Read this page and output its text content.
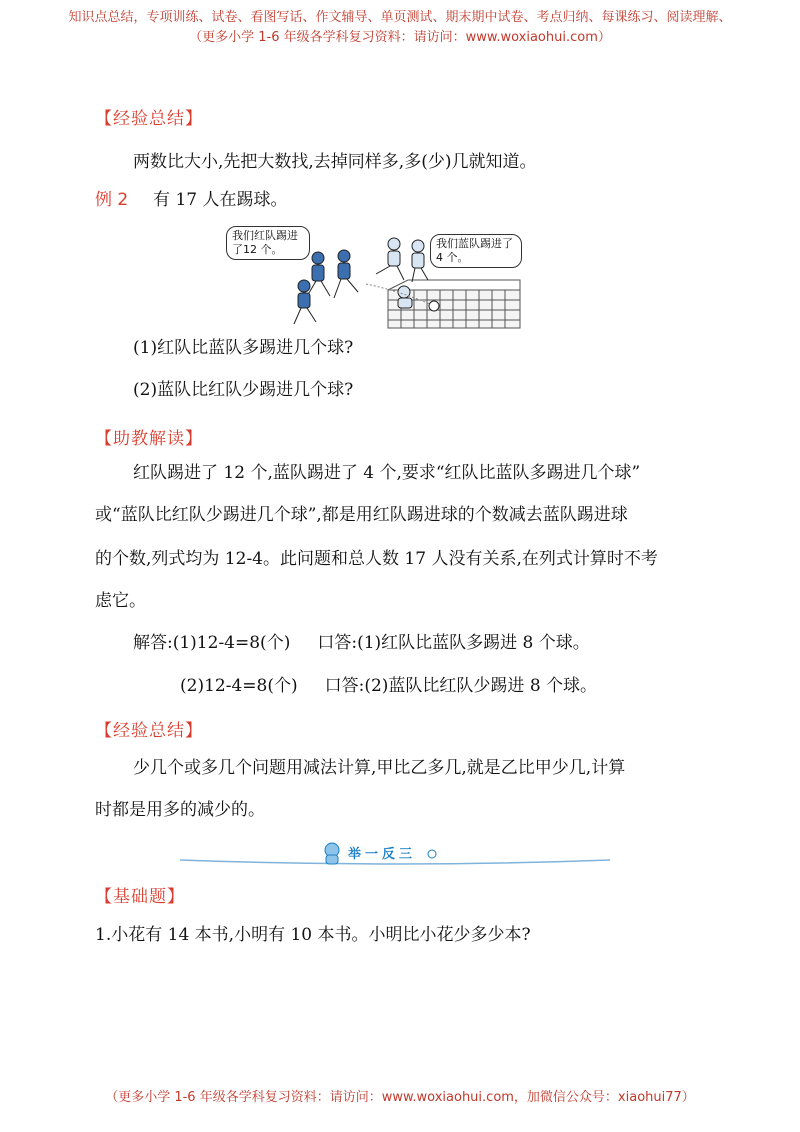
知识点总结，专项训练、试卷、看图写话、作文辅导、单页测试、期末期中试卷、考点归纳、每课练习、阅读理解、
（更多小学 1-6 年级各学科复习资料：请访问：www.woxiaohui.com）
【经验总结】
两数比大小,先把大数找,去掉同样多,多(少)几就知道。
例 2 有 17 人在踢球。
我们红队踢进了12 个。	我们蓝队踢进了4 个。
(1)红队比蓝队多踢进几个球?
(2)蓝队比红队少踢进几个球?
【助教解读】
红队踢进了 12 个,蓝队踢进了 4 个,要求“红队比蓝队多踢进几个球”
或“蓝队比红队少踢进几个球”,都是用红队踢进球的个数减去蓝队踢进球
的个数,列式均为 12-4。此问题和总人数 17 人没有关系,在列式计算时不考
虑它。
解答:(1)12-4=8(个)     口答:(1)红队比蓝队多踢进 8 个球。
(2)12-4=8(个)     口答:(2)蓝队比红队少踢进 8 个球。
【经验总结】
少几个或多几个问题用减法计算,甲比乙多几,就是乙比甲少几,计算
时都是用多的减少的。
举一反三
【基础题】
1.小花有 14 本书,小明有 10 本书。小明比小花少多少本?
（更多小学 1-6 年级各学科复习资料：请访问：www.woxiaohui.com，加微信公众号：xiaohui77）
